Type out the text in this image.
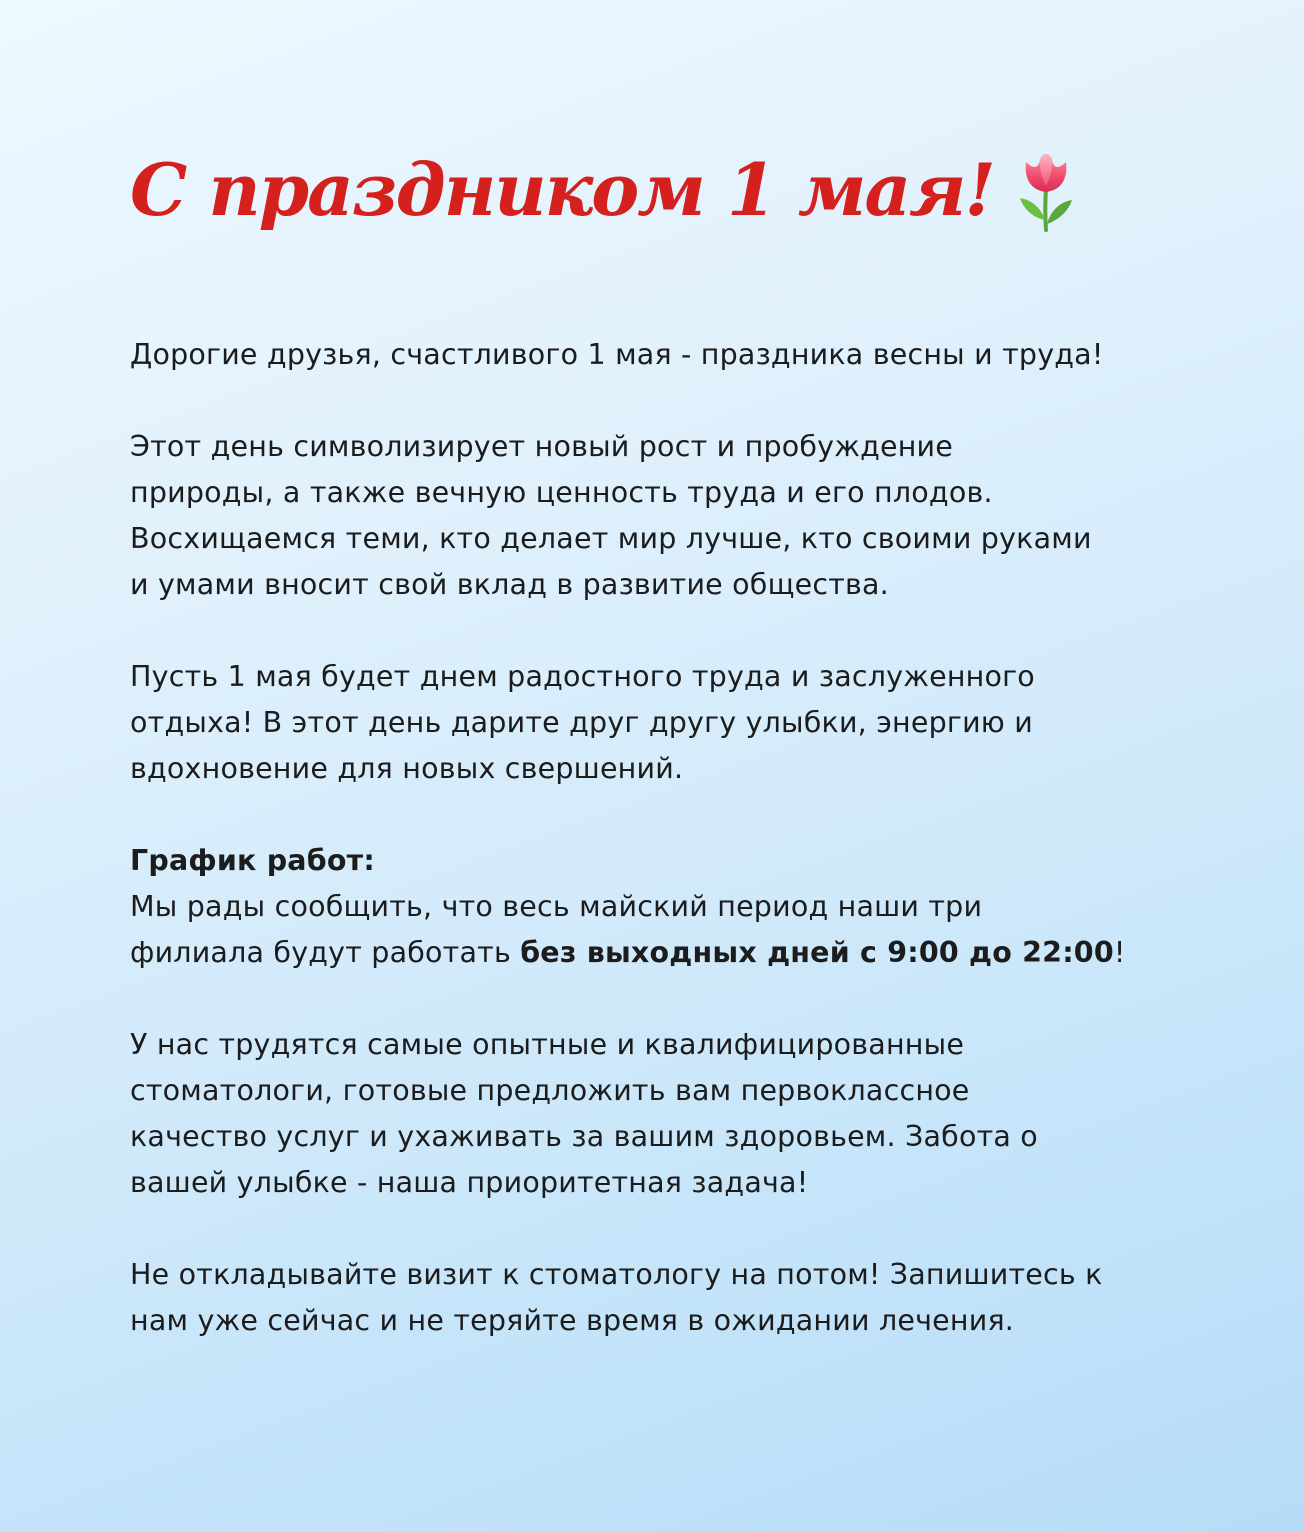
С праздником 1 мая!

Дорогие друзья, счастливого 1 мая - праздника весны и труда!

Этот день символизирует новый рост и пробуждение
природы, а также вечную ценность труда и его плодов.
Восхищаемся теми, кто делает мир лучше, кто своими руками
и умами вносит свой вклад в развитие общества.

Пусть 1 мая будет днем радостного труда и заслуженного
отдыха! В этот день дарите друг другу улыбки, энергию и
вдохновение для новых свершений.

График работ:
Мы рады сообщить, что весь майский период наши три
филиала будут работать без выходных дней с 9:00 до 22:00!

У нас трудятся самые опытные и квалифицированные
стоматологи, готовые предложить вам первоклассное
качество услуг и ухаживать за вашим здоровьем. Забота о
вашей улыбке - наша приоритетная задача!

Не откладывайте визит к стоматологу на потом! Запишитесь к
нам уже сейчас и не теряйте время в ожидании лечения.
